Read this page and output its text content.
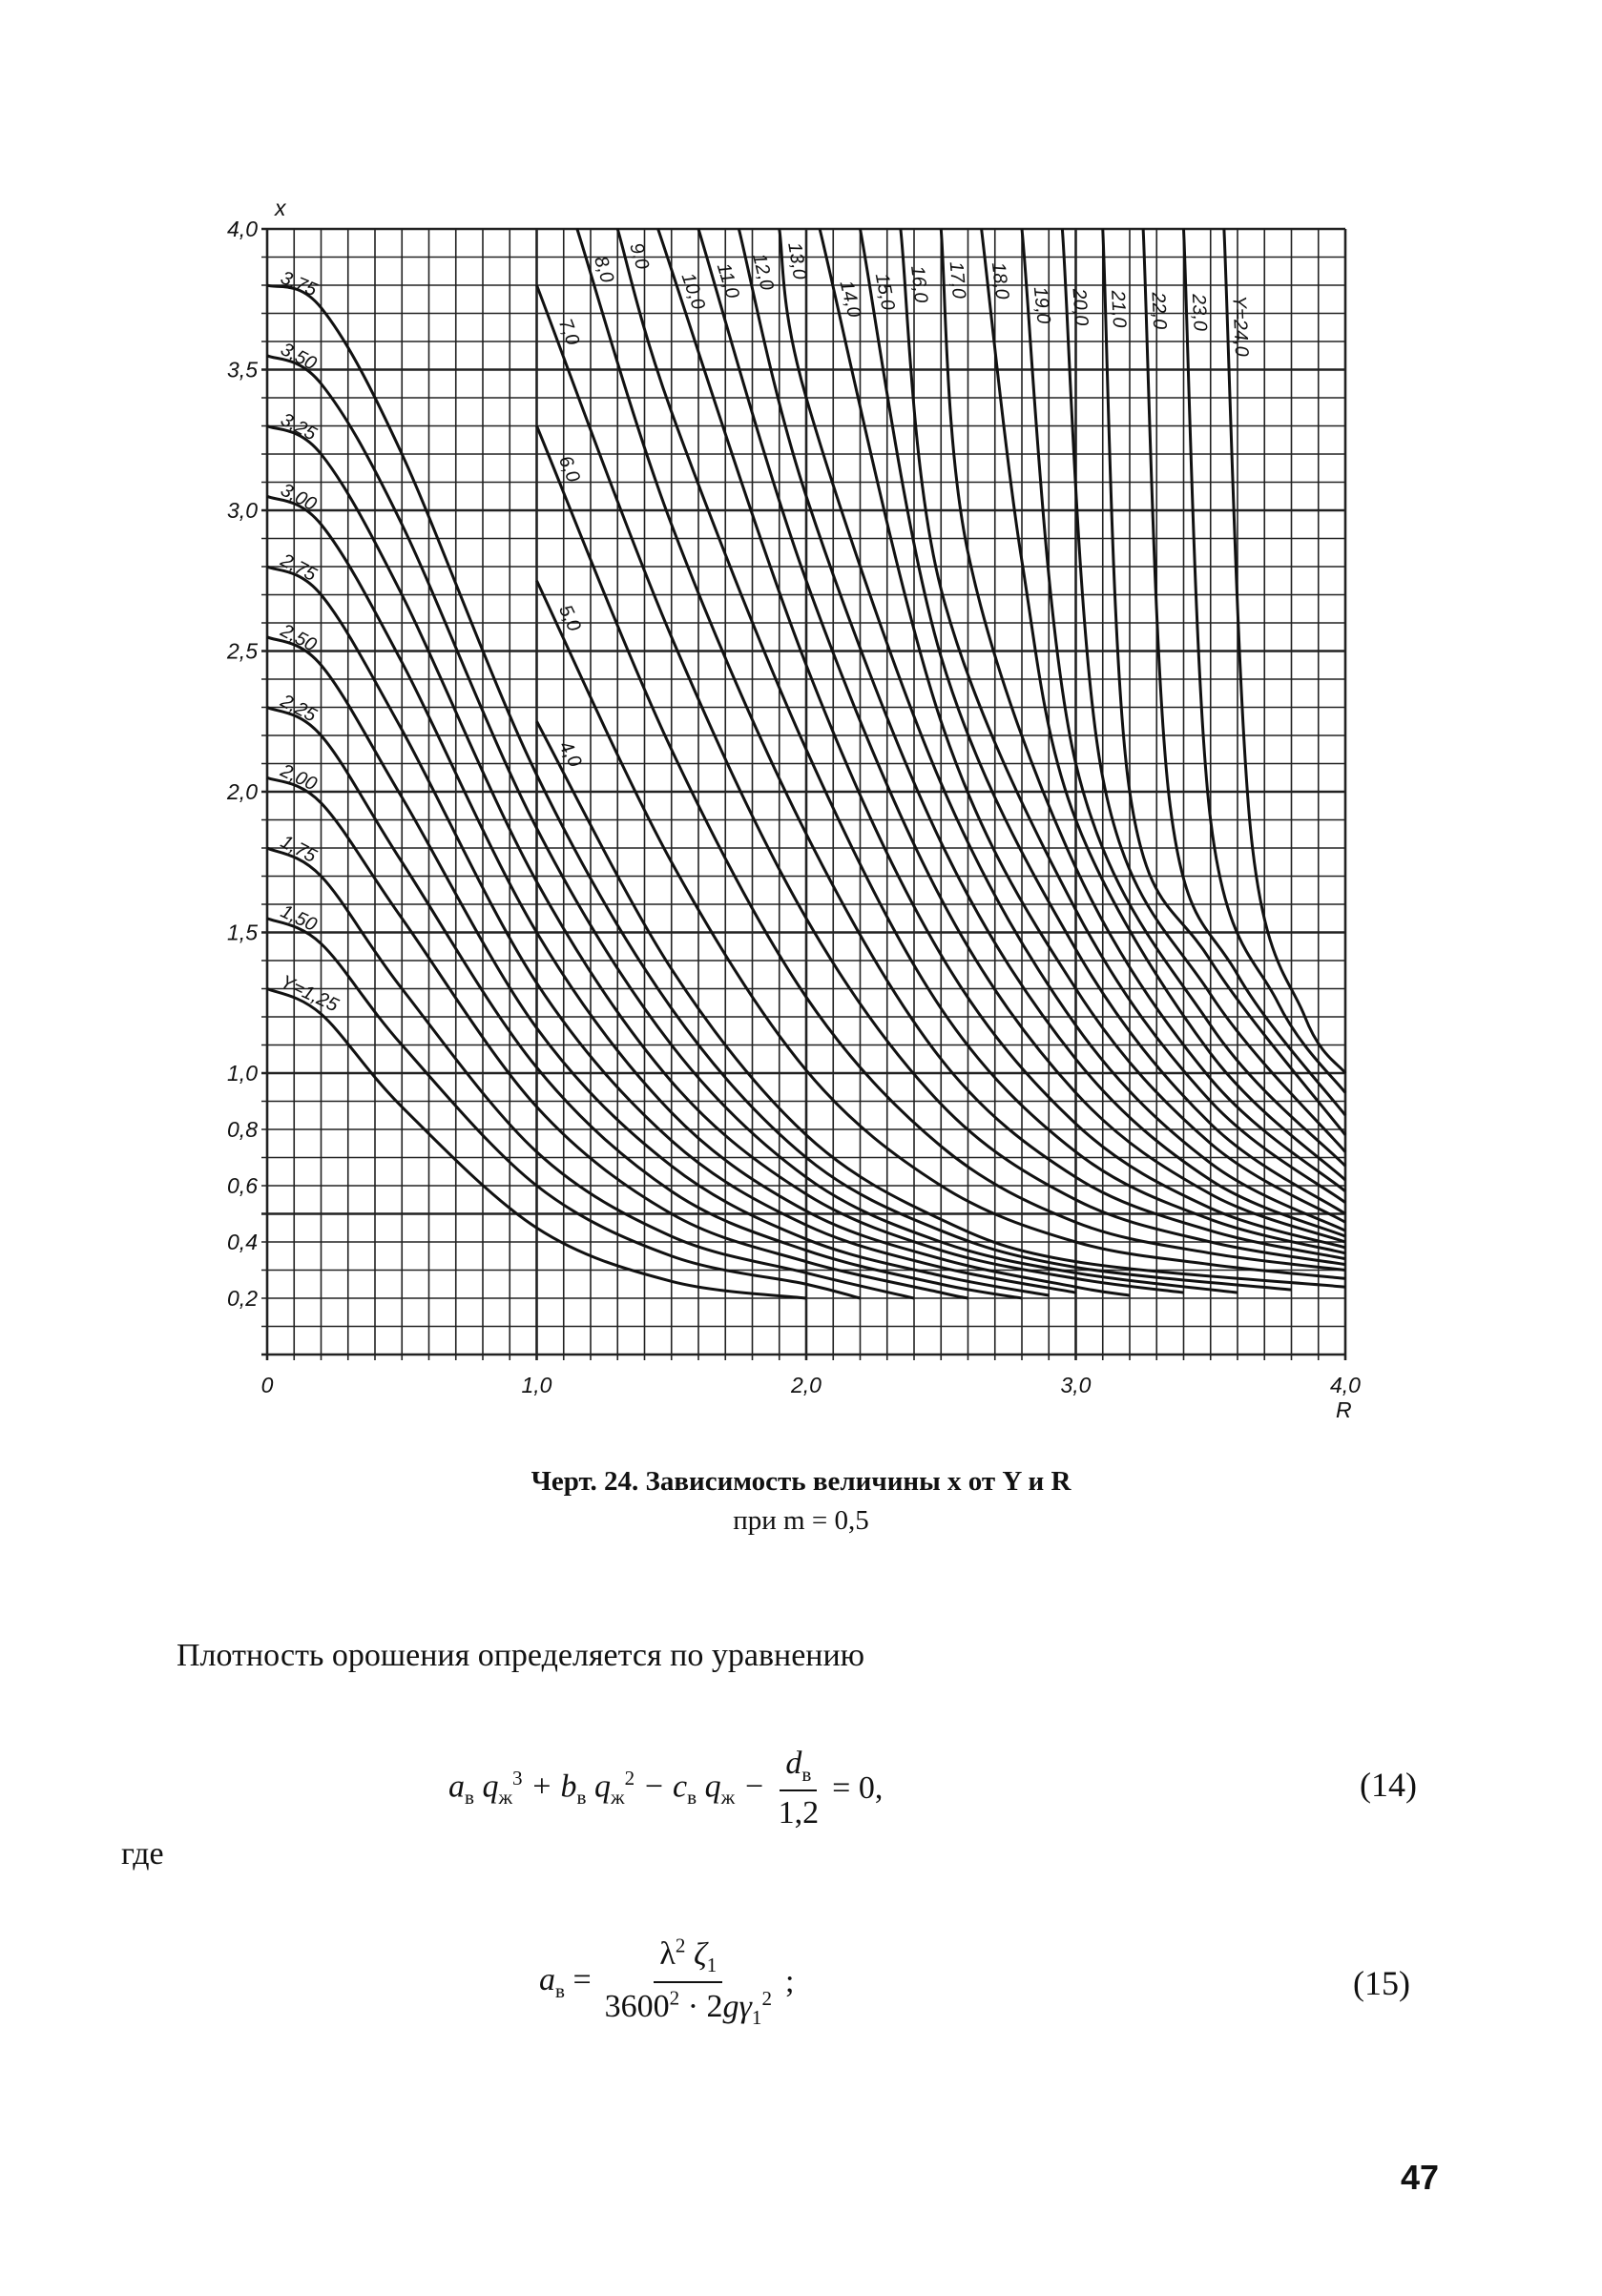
Y=1,25
1,50
1,75
2,00
2,25
2,50
2,75
3,00
3,25
3,50
3,75
4,0
5,0
6,0
7,0
8,0 9,0
10,0 11,0 12,0 13,0
14,0 15,0 16,0 17,0 18,0
19,0 20,0 21,0 22,0 23,0 Y=24,0
0	1,0	2,0	3,0	4,0
0,2
0,4
0,6
0,8
1,0
1,5
2,0
2,5
3,0
3,5
4,0
R
x
Черт. 24. Зависимость величины x от Y и R
при m = 0,5
Плотность орошения определяется по уравнению
$a_в$ $q_ж^3 + b_в$ $q_ж^2 - c_в$ $q_ж - \frac{d_в}{1,2} = 0$,	(14)
где
$a_в = \frac{\lambda^2 \zeta_1}{3600^2 \cdot 2g\gamma_1^2}$ ;	(15)
47
